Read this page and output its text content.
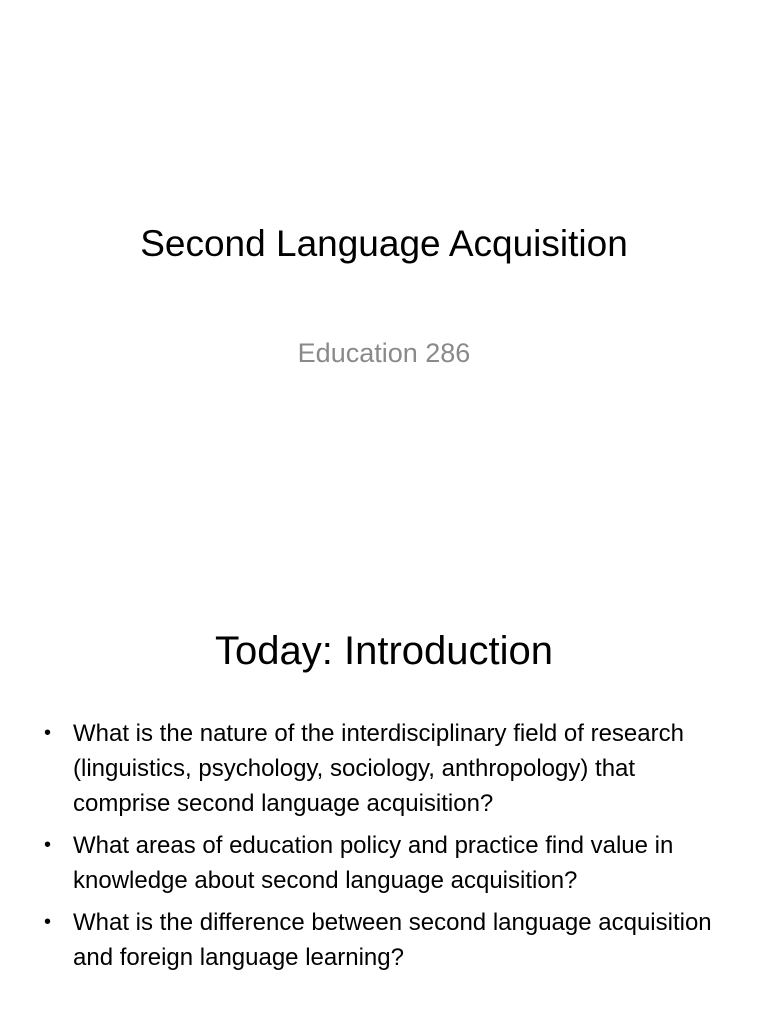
Second Language Acquisition
Education 286
Today: Introduction
• What is the nature of the interdisciplinary field of research (linguistics, psychology, sociology, anthropology) that comprise second language acquisition?
• What areas of education policy and practice find value in knowledge about second language acquisition?
• What is the difference between second language acquisition and foreign language learning?
